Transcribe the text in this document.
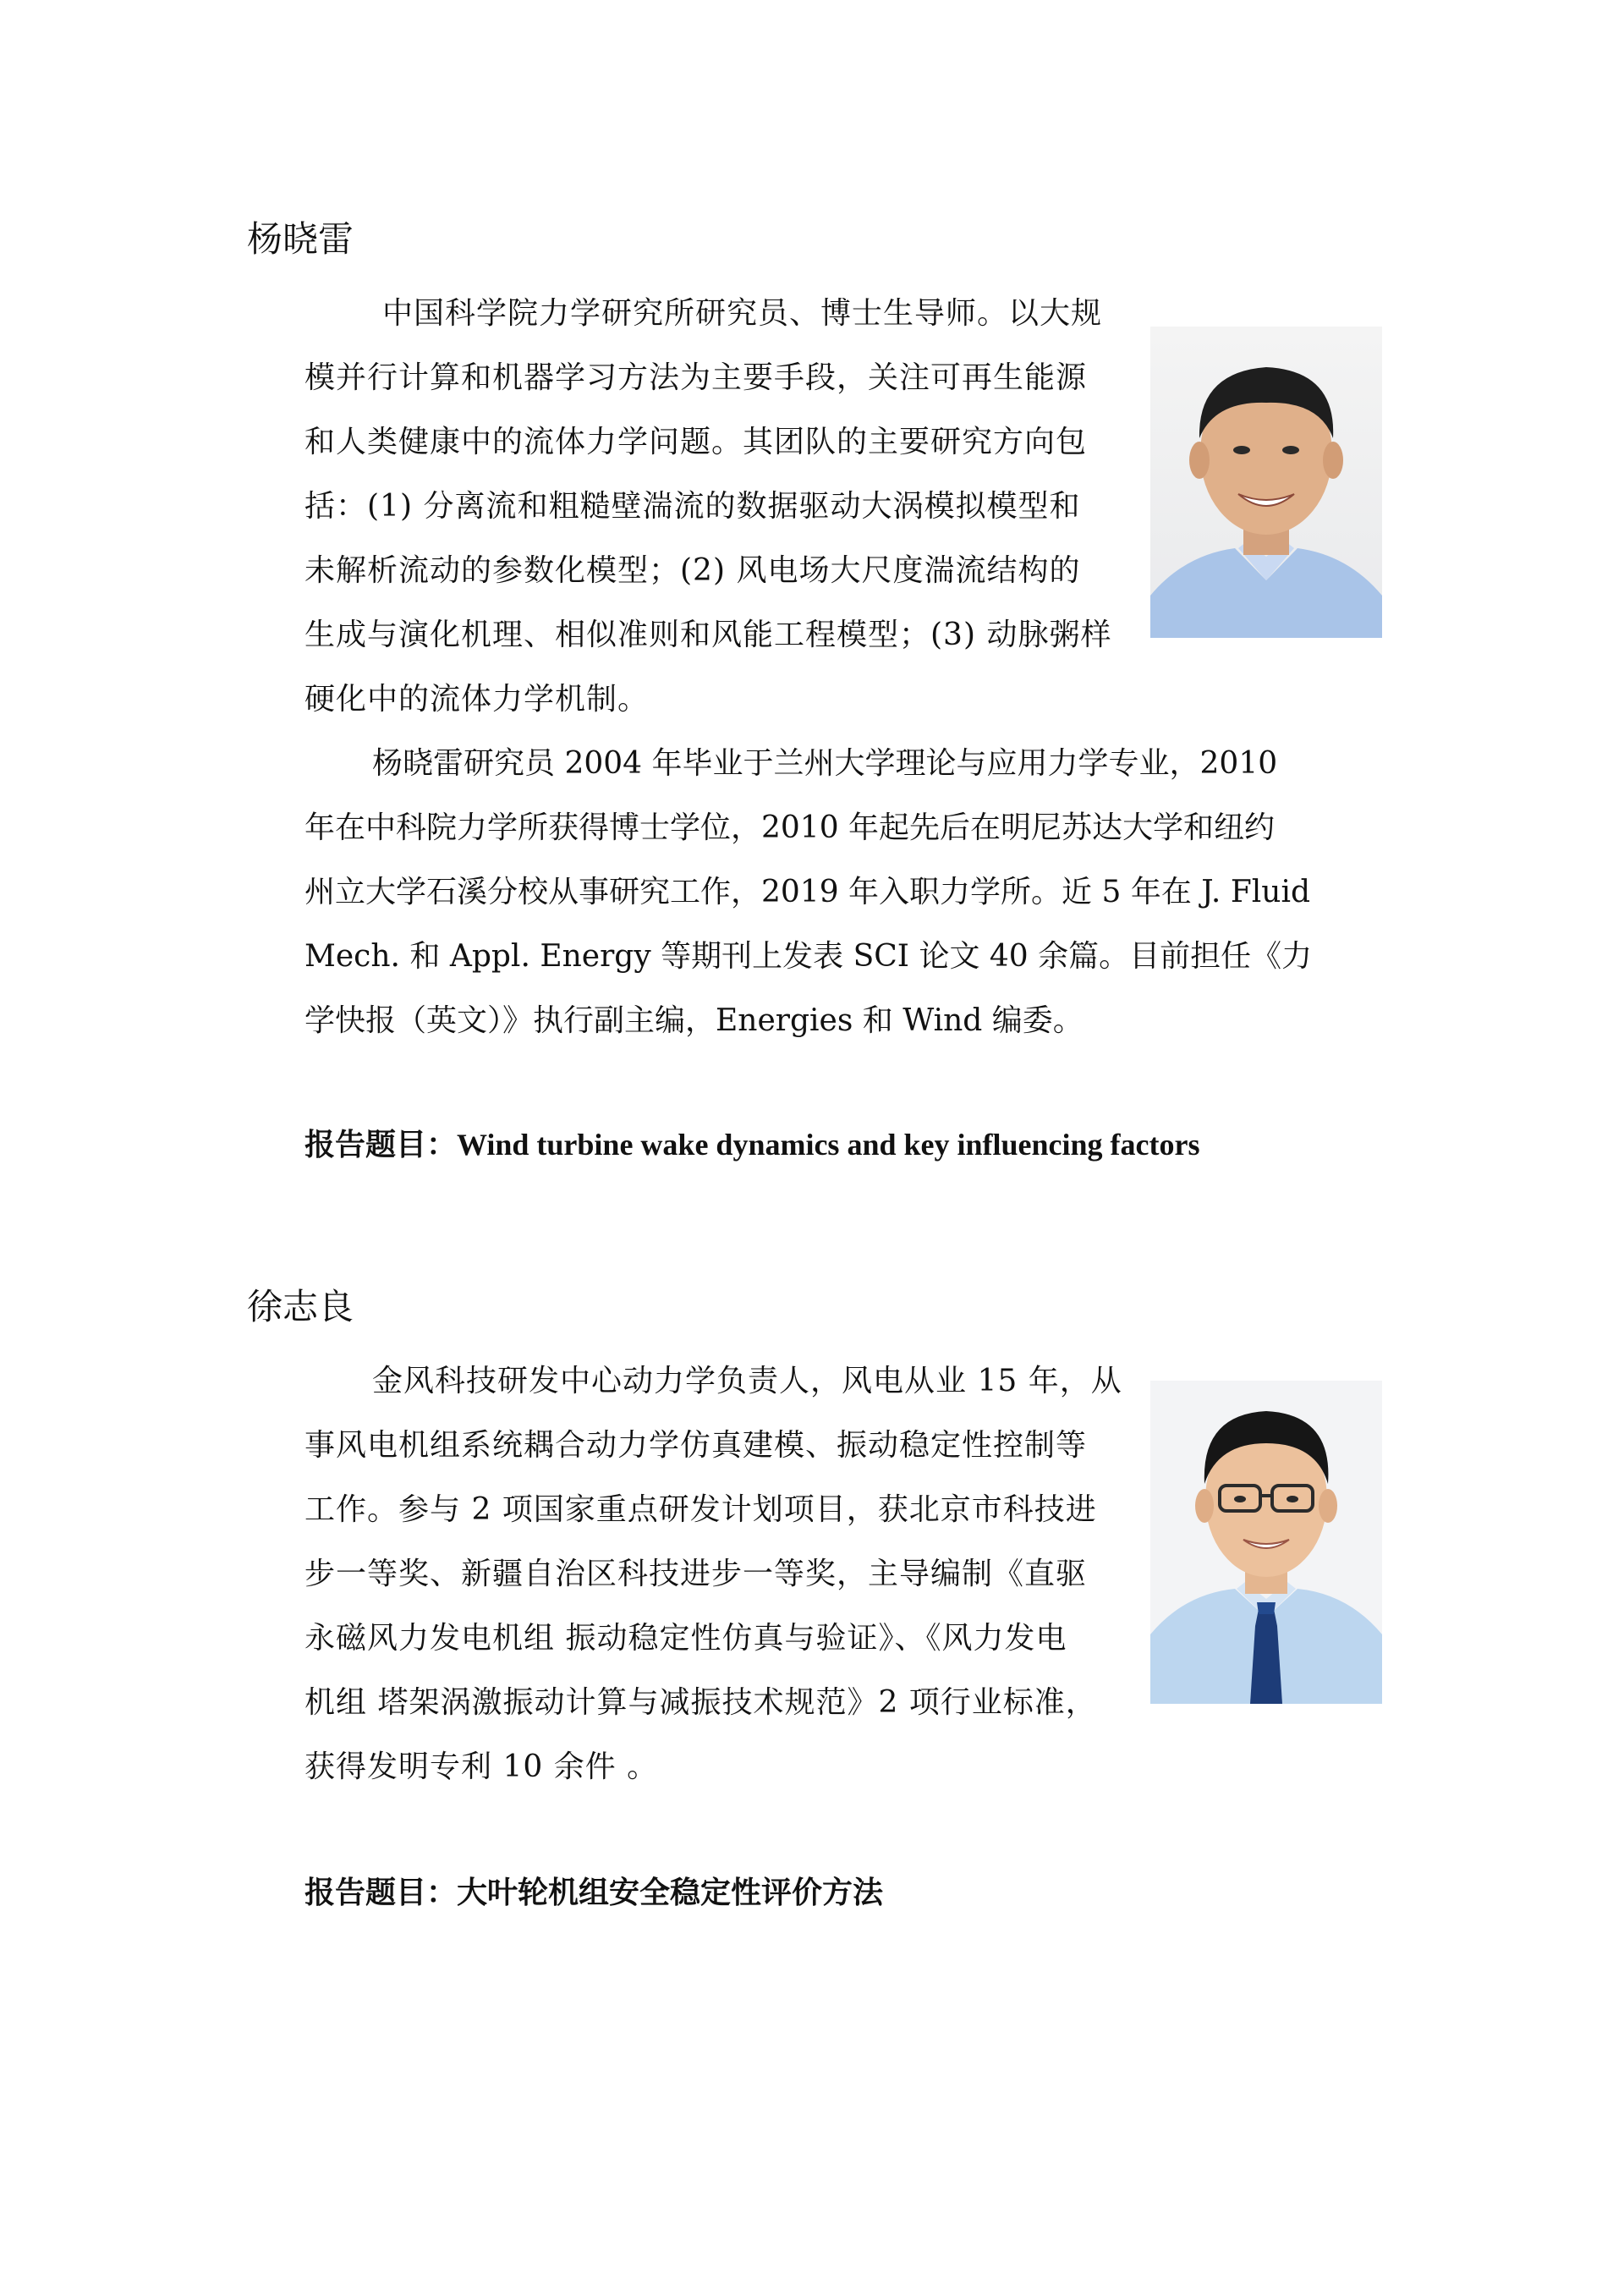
杨晓雷
中国科学院力学研究所研究员、博士生导师。以大规
模并行计算和机器学习方法为主要手段，关注可再生能源
和人类健康中的流体力学问题。其团队的主要研究方向包
括：(1) 分离流和粗糙壁湍流的数据驱动大涡模拟模型和
未解析流动的参数化模型；(2) 风电场大尺度湍流结构的
生成与演化机理、相似准则和风能工程模型；(3) 动脉粥样
硬化中的流体力学机制。
杨晓雷研究员 2004 年毕业于兰州大学理论与应用力学专业，2010
年在中科院力学所获得博士学位，2010 年起先后在明尼苏达大学和纽约
州立大学石溪分校从事研究工作，2019 年入职力学所。近 5 年在 J. Fluid
Mech. 和 Appl. Energy 等期刊上发表 SCI 论文 40 余篇。目前担任《力
学快报（英文）》执行副主编，Energies 和 Wind 编委。
报告题目：Wind turbine wake dynamics and key influencing factors
徐志良
金风科技研发中心动力学负责人，风电从业 15 年，从
事风电机组系统耦合动力学仿真建模、振动稳定性控制等
工作。参与 2 项国家重点研发计划项目，获北京市科技进
步一等奖、新疆自治区科技进步一等奖，主导编制《直驱
永磁风力发电机组 振动稳定性仿真与验证》、《风力发电
机组 塔架涡激振动计算与减振技术规范》2 项行业标准，
获得发明专利 10 余件 。
报告题目：大叶轮机组安全稳定性评价方法
